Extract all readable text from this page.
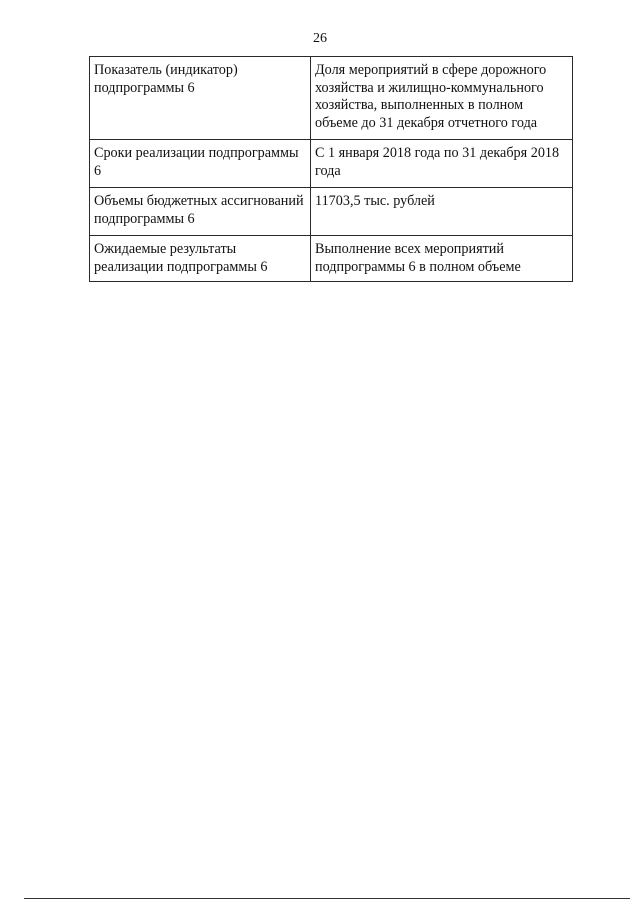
26
Показатель (индикатор) подпрограммы 6	Доля мероприятий в сфере дорожного хозяйства и жилищно-коммунального хозяйства, выполненных в полном объеме до 31 декабря отчетного года
Сроки реализации подпрограммы 6	С 1 января 2018 года по 31 декабря 2018 года
Объемы бюджетных ассигнований подпрограммы 6	11703,5 тыс. рублей
Ожидаемые результаты реализации подпрограммы 6	Выполнение всех мероприятий подпрограммы 6 в полном объеме
